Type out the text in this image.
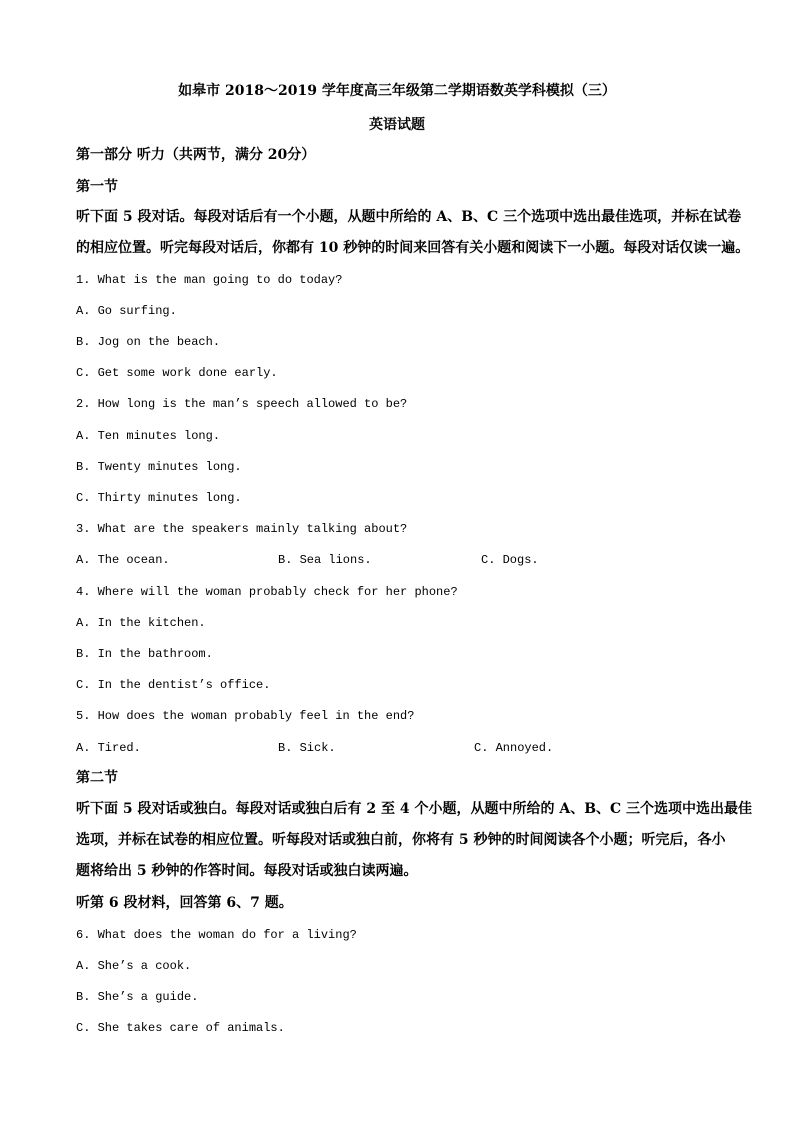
如皋市 2018～2019 学年度高三年级第二学期语数英学科模拟（三）
英语试题
第一部分 听力（共两节，满分 20分）
第一节
听下面 5 段对话。每段对话后有一个小题，从题中所给的 A、B、C 三个选项中选出最佳选项，并标在试卷
的相应位置。听完每段对话后，你都有 10 秒钟的时间来回答有关小题和阅读下一小题。每段对话仅读一遍。
1. What is the man going to do today?
A. Go surfing.
B. Jog on the beach.
C. Get some work done early.
2. How long is the man’s speech allowed to be?
A. Ten minutes long.
B. Twenty minutes long.
C. Thirty minutes long.
3. What are the speakers mainly talking about?
A. The ocean.	B. Sea lions.	C. Dogs.
4. Where will the woman probably check for her phone?
A. In the kitchen.
B. In the bathroom.
C. In the dentist’s office.
5. How does the woman probably feel in the end?
A. Tired.	B. Sick.	C. Annoyed.
第二节
听下面 5 段对话或独白。每段对话或独白后有 2 至 4 个小题，从题中所给的 A、B、C 三个选项中选出最佳
选项，并标在试卷的相应位置。听每段对话或独白前，你将有 5 秒钟的时间阅读各个小题；听完后，各小
题将给出 5 秒钟的作答时间。每段对话或独白读两遍。
听第 6 段材料，回答第 6、7 题。
6. What does the woman do for a living?
A. She’s a cook.
B. She’s a guide.
C. She takes care of animals.
